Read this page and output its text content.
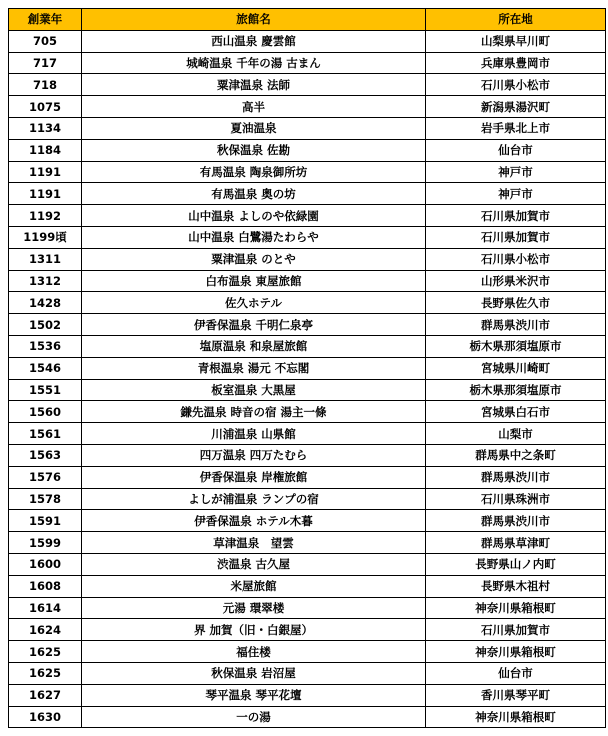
創業年	旅館名	所在地
705	西山温泉 慶雲館	山梨県早川町
717	城崎温泉 千年の湯 古まん	兵庫県豊岡市
718	粟津温泉 法師	石川県小松市
1075	高半	新潟県湯沢町
1134	夏油温泉	岩手県北上市
1184	秋保温泉 佐勘	仙台市
1191	有馬温泉 陶泉御所坊	神戸市
1191	有馬温泉 奥の坊	神戸市
1192	山中温泉 よしのや依緑園	石川県加賀市
1199頃	山中温泉 白鷺湯たわらや	石川県加賀市
1311	粟津温泉 のとや	石川県小松市
1312	白布温泉 東屋旅館	山形県米沢市
1428	佐久ホテル	長野県佐久市
1502	伊香保温泉 千明仁泉亭	群馬県渋川市
1536	塩原温泉 和泉屋旅館	栃木県那須塩原市
1546	青根温泉 湯元 不忘閣	宮城県川崎町
1551	板室温泉 大黒屋	栃木県那須塩原市
1560	鎌先温泉 時音の宿 湯主一條	宮城県白石市
1561	川浦温泉 山県館	山梨市
1563	四万温泉 四万たむら	群馬県中之条町
1576	伊香保温泉 岸権旅館	群馬県渋川市
1578	よしが浦温泉 ランプの宿	石川県珠洲市
1591	伊香保温泉 ホテル木暮	群馬県渋川市
1599	草津温泉　望雲	群馬県草津町
1600	渋温泉 古久屋	長野県山ノ内町
1608	米屋旅館	長野県木祖村
1614	元湯 環翠楼	神奈川県箱根町
1624	界 加賀（旧・白銀屋）	石川県加賀市
1625	福住楼	神奈川県箱根町
1625	秋保温泉 岩沼屋	仙台市
1627	琴平温泉 琴平花壇	香川県琴平町
1630	一の湯	神奈川県箱根町
